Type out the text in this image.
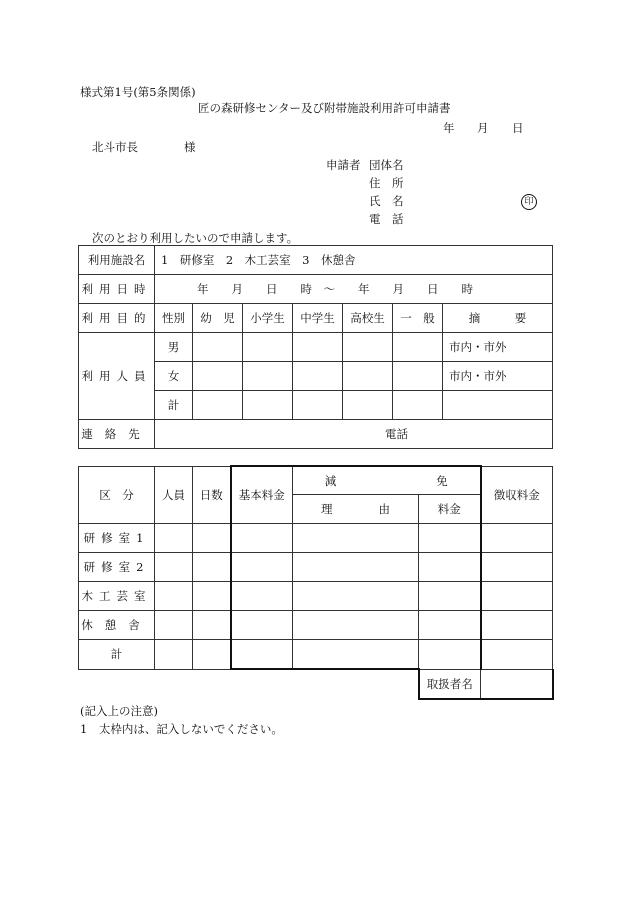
様式第1号(第5条関係)
匠の森研修センター及び附帯施設利用許可申請書
年 月 日
北斗市長	様
申請者 団体名
住　所
氏　名	印
電　話
次のとおり利用したいので申請します。
利用施設名	1　研修室　2　木工芸室　3　休憩舎						
利用日時	年　　月　　日　　時　～　　年　　月　　日　　時						
利用目的	性別	幼　児	小学生	中学生	高校生	一　般	摘　　　要
利用人員	男						市内・市外
	女						市内・市外
	計						
連絡先	電話						
区　分	人員	日数	基本料金	減 免		徴収料金
				理　　　　由	料金	
研修室1						
研修室2						
木工芸室						
休憩舎						
計						
					取扱者名	
(記入上の注意)
1　太枠内は、記入しないでください。
